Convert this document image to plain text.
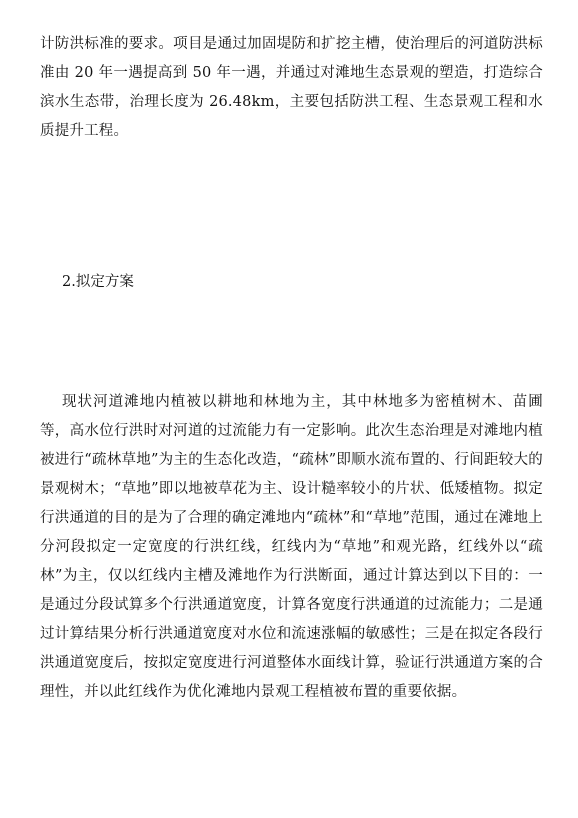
计防洪标准的要求。项目是通过加固堤防和扩挖主槽，使治理后的河道防洪标准由 20 年一遇提高到 50 年一遇，并通过对滩地生态景观的塑造，打造综合滨水生态带，治理长度为 26.48km，主要包括防洪工程、生态景观工程和水质提升工程。

2.拟定方案

现状河道滩地内植被以耕地和林地为主，其中林地多为密植树木、苗圃等，高水位行洪时对河道的过流能力有一定影响。此次生态治理是对滩地内植被进行“疏林草地”为主的生态化改造，“疏林”即顺水流布置的、行间距较大的景观树木；“草地”即以地被草花为主、设计糙率较小的片状、低矮植物。拟定行洪通道的目的是为了合理的确定滩地内“疏林”和“草地”范围，通过在滩地上分河段拟定一定宽度的行洪红线，红线内为“草地”和观光路，红线外以“疏林”为主，仅以红线内主槽及滩地作为行洪断面，通过计算达到以下目的：一是通过分段试算多个行洪通道宽度，计算各宽度行洪通道的过流能力；二是通过计算结果分析行洪通道宽度对水位和流速涨幅的敏感性；三是在拟定各段行洪通道宽度后，按拟定宽度进行河道整体水面线计算，验证行洪通道方案的合理性，并以此红线作为优化滩地内景观工程植被布置的重要依据。
